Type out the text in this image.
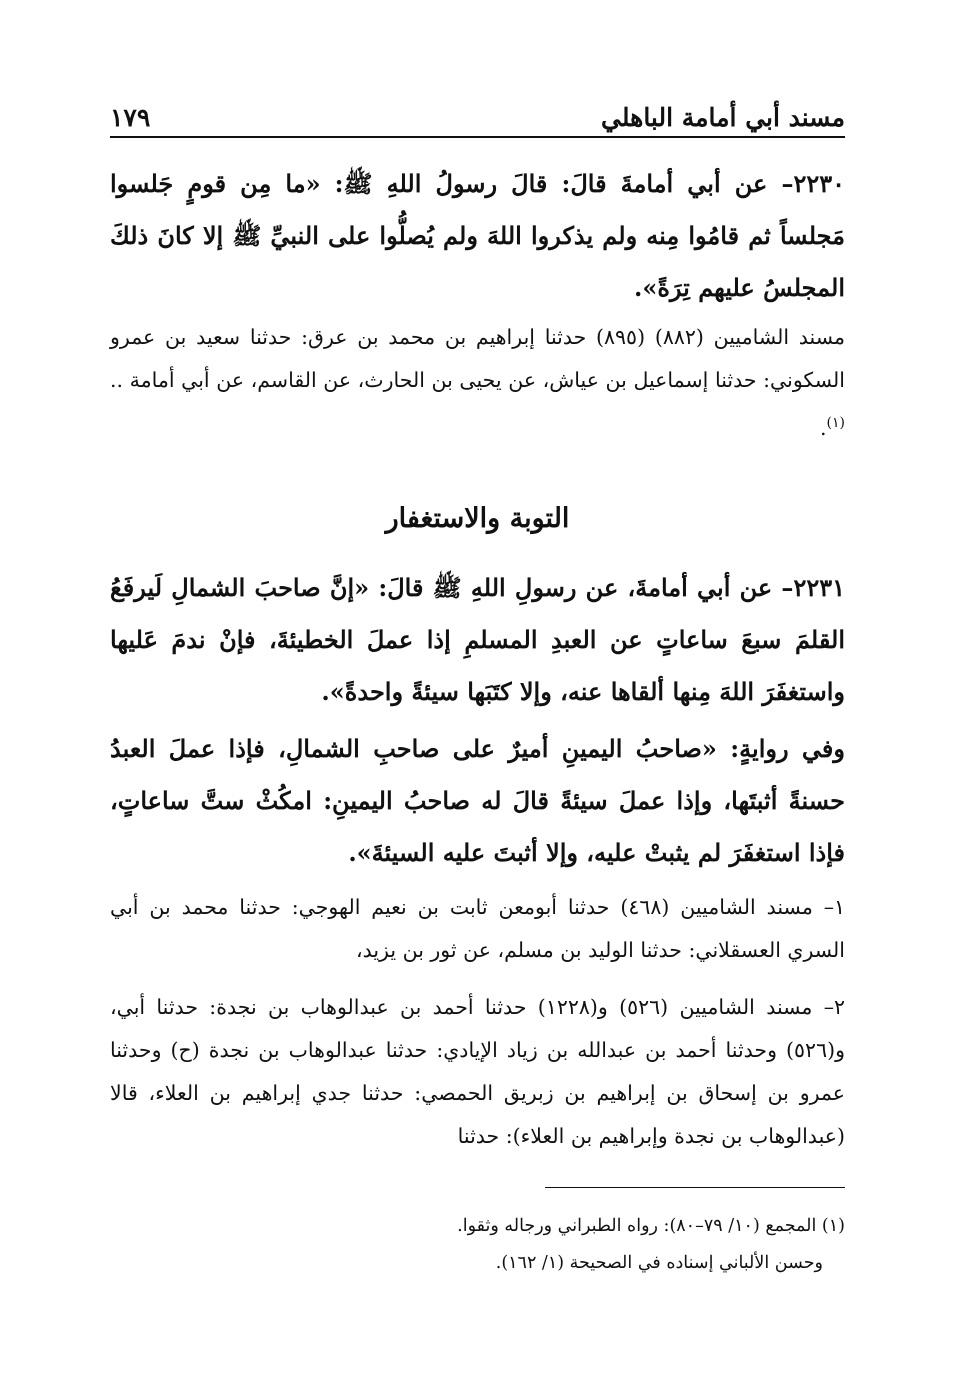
مسند أبي أمامة الباهلي
١٧٩

٢٢٣٠– عن أبي أمامةَ قالَ: قالَ رسولُ اللهِ ﷺ: «ما مِن قومٍ جَلسوا مَجلساً ثم قامُوا مِنه ولم يذكروا اللهَ ولم يُصلُّوا على النبيِّ ﷺ إلا كانَ ذلكَ المجلسُ عليهم تِرَةً».

مسند الشاميين (٨٨٢) (٨٩٥) حدثنا إبراهيم بن محمد بن عرق: حدثنا سعيد بن عمرو السكوني: حدثنا إسماعيل بن عياش، عن يحيى بن الحارث، عن القاسم، عن أبي أمامة ..$^{(١)}$.

التوبة والاستغفار

٢٢٣١– عن أبي أمامةَ، عن رسولِ اللهِ ﷺ قالَ: «إنَّ صاحبَ الشمالِ لَيرفَعُ القلمَ سبعَ ساعاتٍ عن العبدِ المسلمِ إذا عملَ الخطيئةَ، فإنْ ندمَ عَليها واستغفَرَ اللهَ مِنها ألقاها عنه، وإلا كتَبَها سيئةً واحدةً».

وفي روايةٍ: «صاحبُ اليمينِ أميرٌ على صاحبِ الشمالِ، فإذا عملَ العبدُ حسنةً أثبتَها، وإذا عملَ سيئةً قالَ له صاحبُ اليمينِ: امكُثْ ستَّ ساعاتٍ، فإذا استغفَرَ لم يثبتْ عليه، وإلا أثبتَ عليه السيئةَ».

١– مسند الشاميين (٤٦٨) حدثنا أبومعن ثابت بن نعيم الهوجي: حدثنا محمد بن أبي السري العسقلاني: حدثنا الوليد بن مسلم، عن ثور بن يزيد،

٢– مسند الشاميين (٥٢٦) و(١٢٢٨) حدثنا أحمد بن عبدالوهاب بن نجدة: حدثنا أبي، و(٥٢٦) وحدثنا أحمد بن عبدالله بن زياد الإيادي: حدثنا عبدالوهاب بن نجدة (ح) وحدثنا عمرو بن إسحاق بن إبراهيم بن زبريق الحمصي: حدثنا جدي إبراهيم بن العلاء، قالا (عبدالوهاب بن نجدة وإبراهيم بن العلاء): حدثنا

(١) المجمع (١٠/ ٧٩–٨٠): رواه الطبراني ورجاله وثقوا.

وحسن الألباني إسناده في الصحيحة (١/ ١٦٢).
